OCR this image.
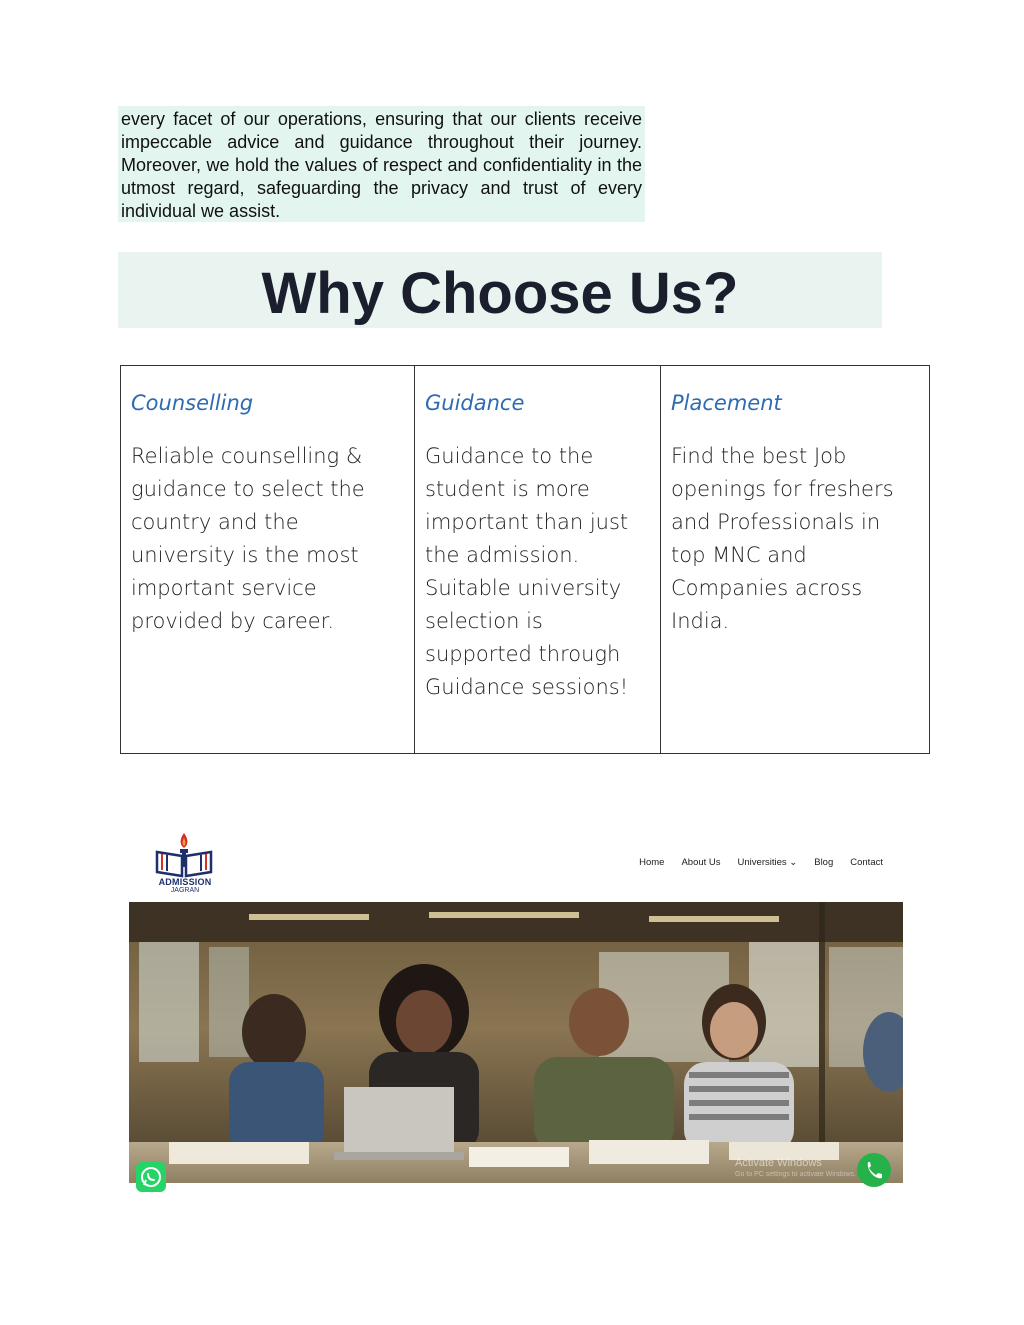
every facet of our operations, ensuring that our clients receive impeccable advice and guidance throughout their journey. Moreover, we hold the values of respect and confidentiality in the utmost regard, safeguarding the privacy and trust of every individual we assist.
Why Choose Us?

Counselling

Reliable counselling & guidance to select the country and the university is the most important service provided by career.

Guidance

Guidance to the student is more important than just the admission. Suitable university selection is supported through Guidance sessions!

Placement

Find the best Job openings for freshers and Professionals in top MNC and Companies across India.

ADMISSION
JAGRAN
Home About Us Universities ⌄ Blog Contact
Activate Windows
Go to PC settings to activate Windows.
